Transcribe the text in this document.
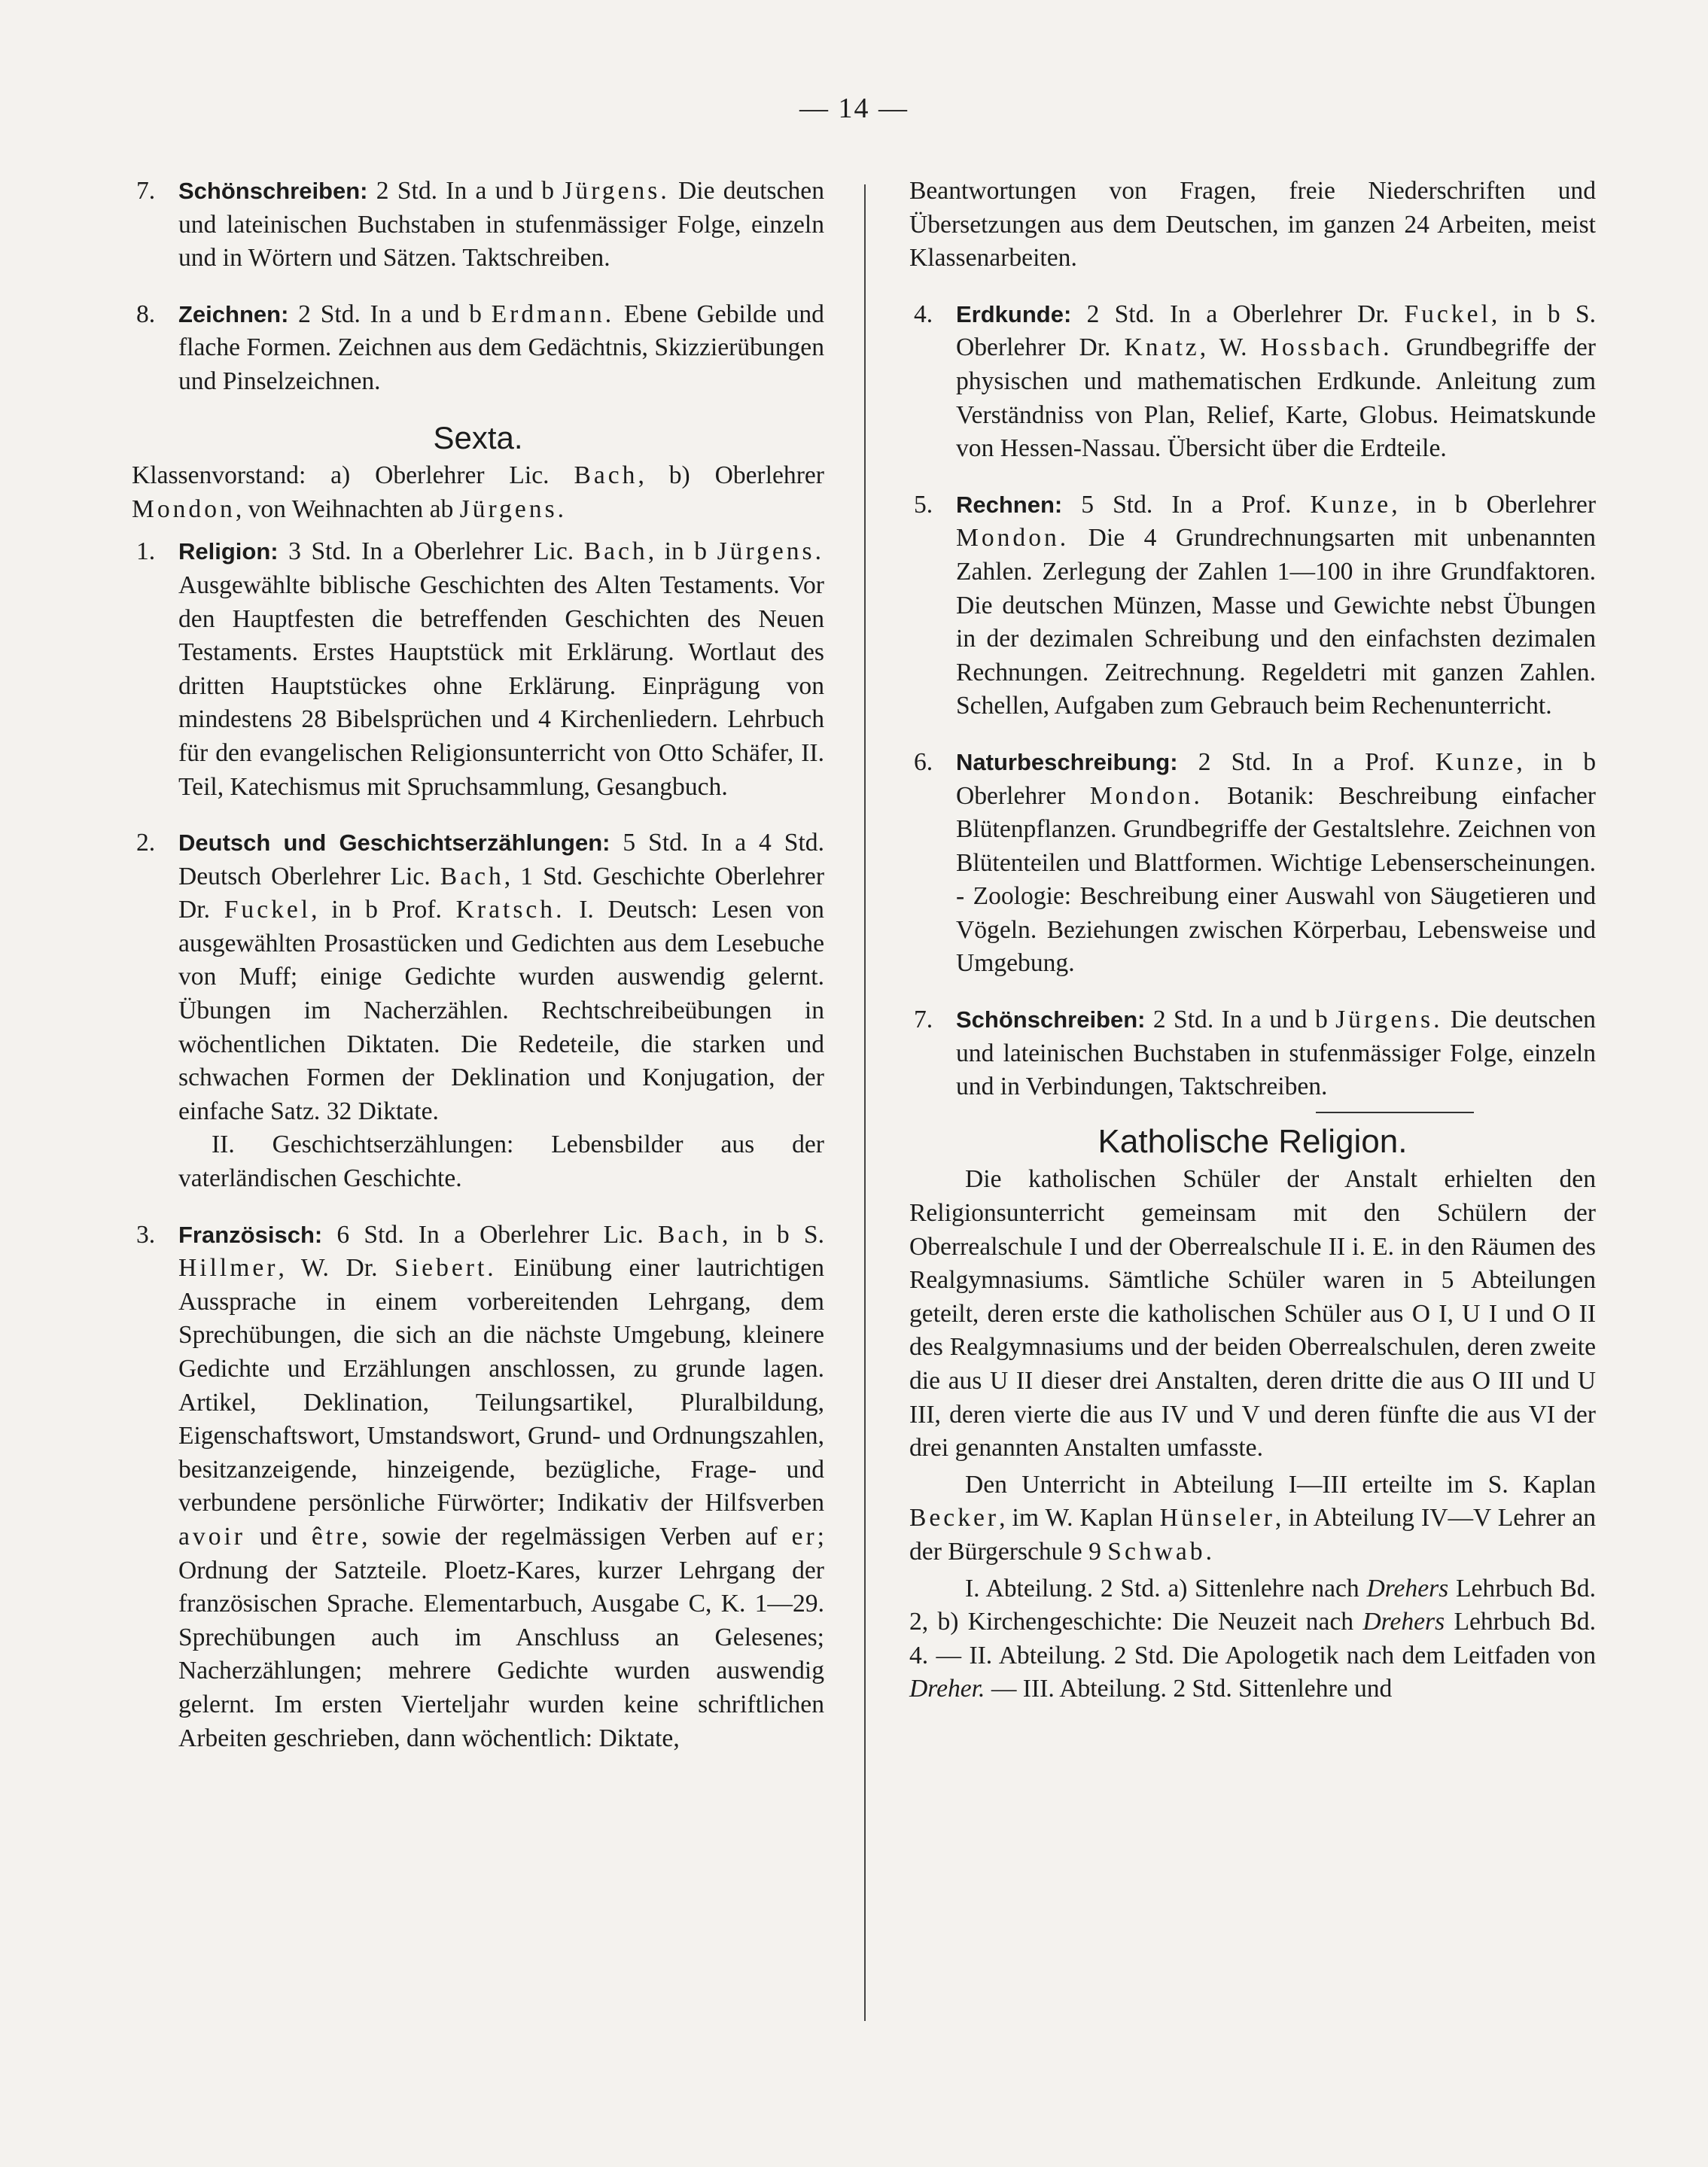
— 14 —
7. Schönschreiben: 2 Std. In a und b Jürgens. Die deutschen und lateinischen Buchstaben in stufenmässiger Folge, einzeln und in Wörtern und Sätzen. Taktschreiben.
8. Zeichnen: 2 Std. In a und b Erdmann. Ebene Gebilde und flache Formen. Zeichnen aus dem Gedächtnis, Skizzierübungen und Pinselzeichnen.
Sexta.
Klassenvorstand: a) Oberlehrer Lic. Bach, b) Oberlehrer Mondon, von Weihnachten ab Jürgens.
1. Religion: 3 Std. In a Oberlehrer Lic. Bach, in b Jürgens. Ausgewählte biblische Geschichten des Alten Testaments. Vor den Hauptfesten die betreffenden Geschichten des Neuen Testaments. Erstes Hauptstück mit Erklärung. Wortlaut des dritten Hauptstückes ohne Erklärung. Einprägung von mindestens 28 Bibelsprüchen und 4 Kirchenliedern. Lehrbuch für den evangelischen Religionsunterricht von Otto Schäfer, II. Teil, Katechismus mit Spruchsammlung, Gesangbuch.
2. Deutsch und Geschichtserzählungen: 5 Std. In a 4 Std. Deutsch Oberlehrer Lic. Bach, 1 Std. Geschichte Oberlehrer Dr. Fuckel, in b Prof. Kratsch. I. Deutsch: Lesen von ausgewählten Prosastücken und Gedichten aus dem Lesebuche von Muff; einige Gedichte wurden auswendig gelernt. Übungen im Nacherzählen. Rechtschreibeübungen in wöchentlichen Diktaten. Die Redeteile, die starken und schwachen Formen der Deklination und Konjugation, der einfache Satz. 32 Diktate.
II. Geschichtserzählungen: Lebensbilder aus der vaterländischen Geschichte.
3. Französisch: 6 Std. In a Oberlehrer Lic. Bach, in b S. Hillmer, W. Dr. Siebert. Einübung einer lautrichtigen Aussprache in einem vorbereitenden Lehrgang, dem Sprechübungen, die sich an die nächste Umgebung, kleinere Gedichte und Erzählungen anschlossen, zu grunde lagen. Artikel, Deklination, Teilungsartikel, Pluralbildung, Eigenschaftswort, Umstandswort, Grund- und Ordnungszahlen, besitzanzeigende, hinzeigende, bezügliche, Frage- und verbundene persönliche Fürwörter; Indikativ der Hilfsverben avoir und être, sowie der regelmässigen Verben auf er; Ordnung der Satzteile. Ploetz-Kares, kurzer Lehrgang der französischen Sprache. Elementarbuch, Ausgabe C, K. 1—29. Sprechübungen auch im Anschluss an Gelesenes; Nacherzählungen; mehrere Gedichte wurden auswendig gelernt. Im ersten Vierteljahr wurden keine schriftlichen Arbeiten geschrieben, dann wöchentlich: Diktate,
Beantwortungen von Fragen, freie Niederschriften und Übersetzungen aus dem Deutschen, im ganzen 24 Arbeiten, meist Klassenarbeiten.
4. Erdkunde: 2 Std. In a Oberlehrer Dr. Fuckel, in b S. Oberlehrer Dr. Knatz, W. Hossbach. Grundbegriffe der physischen und mathematischen Erdkunde. Anleitung zum Verständniss von Plan, Relief, Karte, Globus. Heimatskunde von Hessen-Nassau. Übersicht über die Erdteile.
5. Rechnen: 5 Std. In a Prof. Kunze, in b Oberlehrer Mondon. Die 4 Grundrechnungsarten mit unbenannten Zahlen. Zerlegung der Zahlen 1—100 in ihre Grundfaktoren. Die deutschen Münzen, Masse und Gewichte nebst Übungen in der dezimalen Schreibung und den einfachsten dezimalen Rechnungen. Zeitrechnung. Regeldetri mit ganzen Zahlen. Schellen, Aufgaben zum Gebrauch beim Rechenunterricht.
6. Naturbeschreibung: 2 Std. In a Prof. Kunze, in b Oberlehrer Mondon. Botanik: Beschreibung einfacher Blütenpflanzen. Grundbegriffe der Gestaltslehre. Zeichnen von Blütenteilen und Blattformen. Wichtige Lebenserscheinungen. - Zoologie: Beschreibung einer Auswahl von Säugetieren und Vögeln. Beziehungen zwischen Körperbau, Lebensweise und Umgebung.
7. Schönschreiben: 2 Std. In a und b Jürgens. Die deutschen und lateinischen Buchstaben in stufenmässiger Folge, einzeln und in Verbindungen, Taktschreiben.
Katholische Religion.
Die katholischen Schüler der Anstalt erhielten den Religionsunterricht gemeinsam mit den Schülern der Oberrealschule I und der Oberrealschule II i. E. in den Räumen des Realgymnasiums. Sämtliche Schüler waren in 5 Abteilungen geteilt, deren erste die katholischen Schüler aus O I, U I und O II des Realgymnasiums und der beiden Oberrealschulen, deren zweite die aus U II dieser drei Anstalten, deren dritte die aus O III und U III, deren vierte die aus IV und V und deren fünfte die aus VI der drei genannten Anstalten umfasste.
Den Unterricht in Abteilung I—III erteilte im S. Kaplan Becker, im W. Kaplan Hünseler, in Abteilung IV—V Lehrer an der Bürgerschule 9 Schwab.
I. Abteilung. 2 Std. a) Sittenlehre nach Drehers Lehrbuch Bd. 2, b) Kirchengeschichte: Die Neuzeit nach Drehers Lehrbuch Bd. 4. — II. Abteilung. 2 Std. Die Apologetik nach dem Leitfaden von Dreher. — III. Abteilung. 2 Std. Sittenlehre und
